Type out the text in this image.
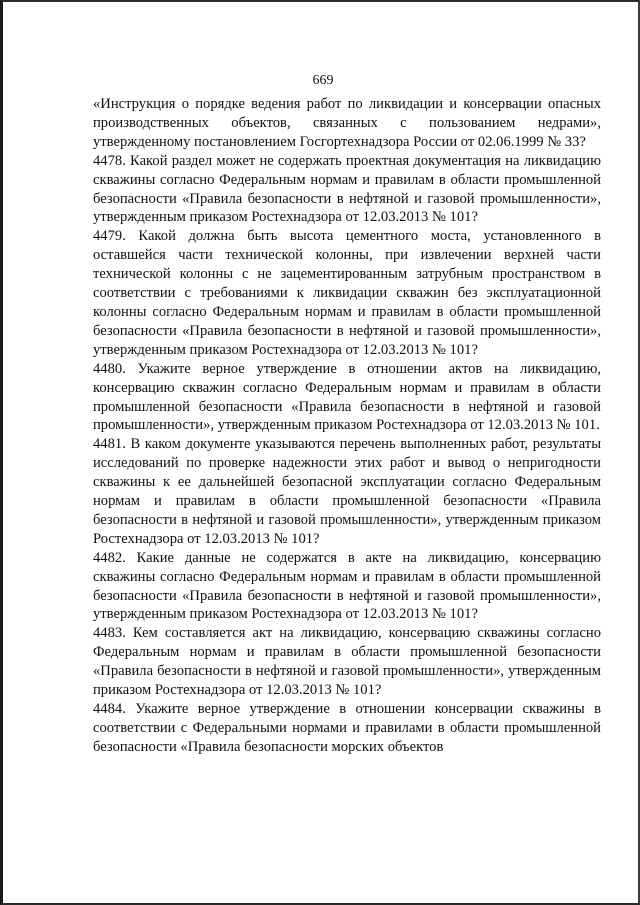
669

«Инструкция о порядке ведения работ по ликвидации и консервации опасных производственных объектов, связанных с пользованием недрами», утвержденному постановлением Госгортехнадзора России от 02.06.1999 № 33?

4478. Какой раздел может не содержать проектная документация на ликвидацию скважины согласно Федеральным нормам и правилам в области промышленной безопасности «Правила безопасности в нефтяной и газовой промышленности», утвержденным приказом Ростехнадзора от 12.03.2013 № 101?

4479. Какой должна быть высота цементного моста, установленного в оставшейся части технической колонны, при извлечении верхней части технической колонны с не зацементированным затрубным пространством в соответствии с требованиями к ликвидации скважин без эксплуатационной колонны согласно Федеральным нормам и правилам в области промышленной безопасности «Правила безопасности в нефтяной и газовой промышленности», утвержденным приказом Ростехнадзора от 12.03.2013 № 101?

4480. Укажите верное утверждение в отношении актов на ликвидацию, консервацию скважин согласно Федеральным нормам и правилам в области промышленной безопасности «Правила безопасности в нефтяной и газовой промышленности», утвержденным приказом Ростехнадзора от 12.03.2013 № 101.

4481. В каком документе указываются перечень выполненных работ, результаты исследований по проверке надежности этих работ и вывод о непригодности скважины к ее дальнейшей безопасной эксплуатации согласно Федеральным нормам и правилам в области промышленной безопасности «Правила безопасности в нефтяной и газовой промышленности», утвержденным приказом Ростехнадзора от 12.03.2013 № 101?

4482. Какие данные не содержатся в акте на ликвидацию, консервацию скважины согласно Федеральным нормам и правилам в области промышленной безопасности «Правила безопасности в нефтяной и газовой промышленности», утвержденным приказом Ростехнадзора от 12.03.2013 № 101?

4483. Кем составляется акт на ликвидацию, консервацию скважины согласно Федеральным нормам и правилам в области промышленной безопасности «Правила безопасности в нефтяной и газовой промышленности», утвержденным приказом Ростехнадзора от 12.03.2013 № 101?

4484. Укажите верное утверждение в отношении консервации скважины в соответствии с Федеральными нормами и правилами в области промышленной безопасности «Правила безопасности морских объектов
